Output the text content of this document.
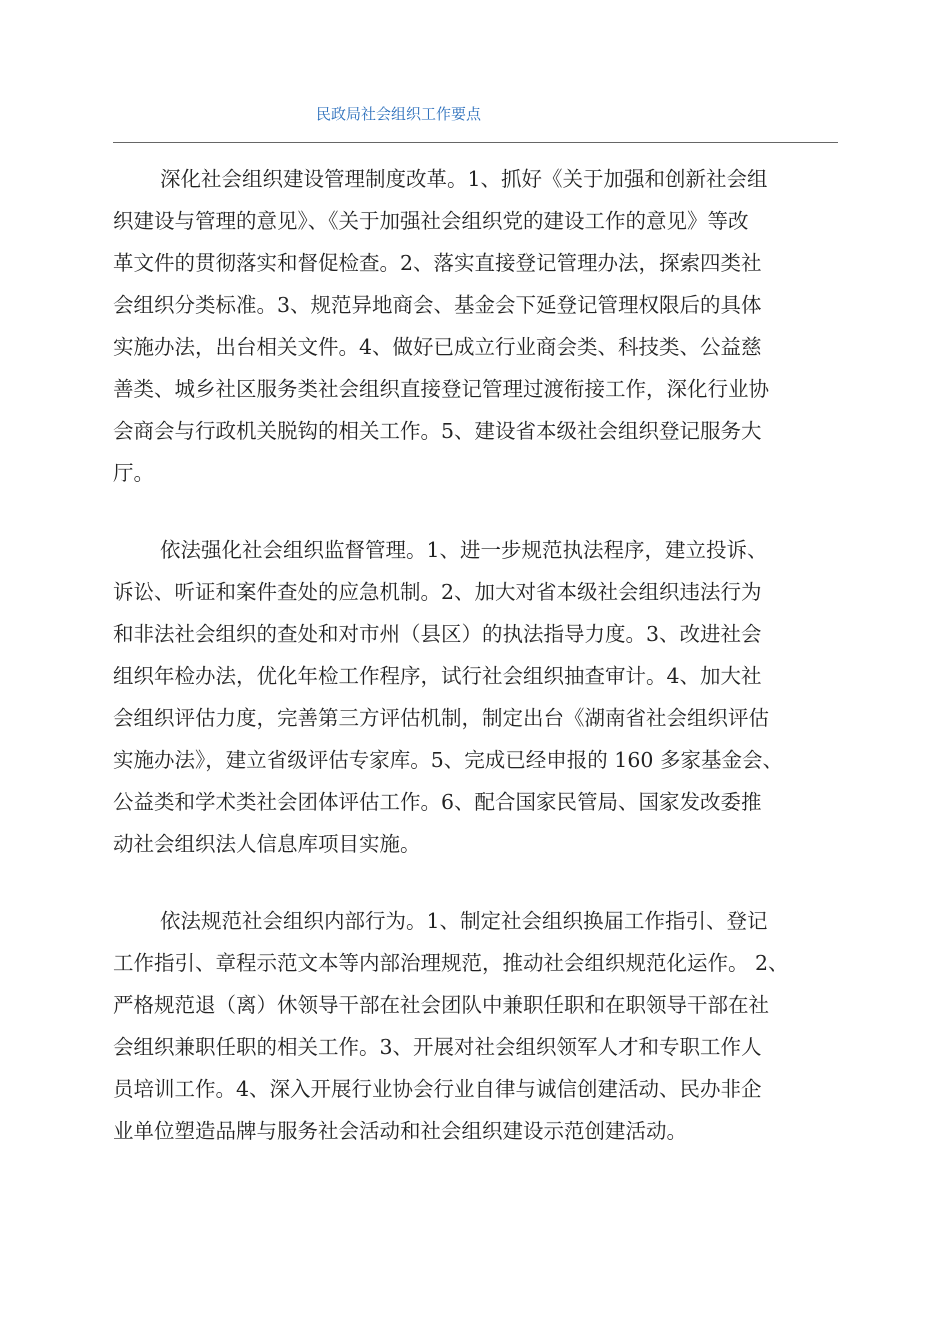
民政局社会组织工作要点
深化社会组织建设管理制度改革。1、抓好《关于加强和创新社会组
织建设与管理的意见》、《关于加强社会组织党的建设工作的意见》等改
革文件的贯彻落实和督促检查。2、落实直接登记管理办法，探索四类社
会组织分类标准。3、规范异地商会、基金会下延登记管理权限后的具体
实施办法，出台相关文件。4、做好已成立行业商会类、科技类、公益慈
善类、城乡社区服务类社会组织直接登记管理过渡衔接工作，深化行业协
会商会与行政机关脱钩的相关工作。5、建设省本级社会组织登记服务大
厅。
依法强化社会组织监督管理。1、进一步规范执法程序，建立投诉、
诉讼、听证和案件查处的应急机制。2、加大对省本级社会组织违法行为
和非法社会组织的查处和对市州（县区）的执法指导力度。3、改进社会
组织年检办法，优化年检工作程序，试行社会组织抽查审计。4、加大社
会组织评估力度，完善第三方评估机制，制定出台《湖南省社会组织评估
实施办法》，建立省级评估专家库。5、完成已经申报的 160 多家基金会、
公益类和学术类社会团体评估工作。6、配合国家民管局、国家发改委推
动社会组织法人信息库项目实施。
依法规范社会组织内部行为。1、制定社会组织换届工作指引、登记
工作指引、章程示范文本等内部治理规范，推动社会组织规范化运作。 2、
严格规范退（离）休领导干部在社会团队中兼职任职和在职领导干部在社
会组织兼职任职的相关工作。3、开展对社会组织领军人才和专职工作人
员培训工作。4、深入开展行业协会行业自律与诚信创建活动、民办非企
业单位塑造品牌与服务社会活动和社会组织建设示范创建活动。
